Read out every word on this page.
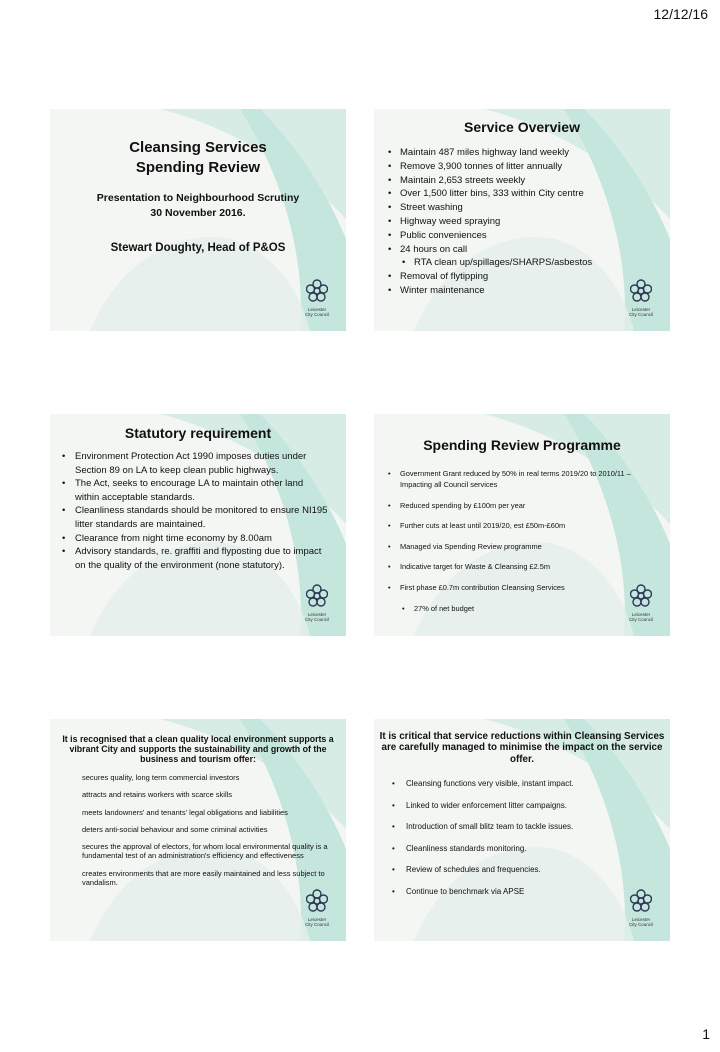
12/12/16
Cleansing Services
Spending Review
Presentation to Neighbourhood Scrutiny
30 November 2016.
Stewart Doughty, Head of P&OS
Leicester
City Council
Service Overview
• Maintain 487 miles highway land weekly
• Remove 3,900 tonnes of litter annually
• Maintain 2,653 streets weekly
• Over 1,500 litter bins, 333 within City centre
• Street washing
• Highway weed spraying
• Public conveniences
• 24 hours on call
• RTA clean up/spillages/SHARPS/asbestos
• Removal of flytipping
• Winter maintenance
Leicester
City Council
Statutory requirement
• Environment Protection Act 1990 imposes duties under Section 89 on LA to keep clean public highways.
• The Act, seeks to encourage LA to maintain other land within acceptable standards.
• Cleanliness standards should be monitored to ensure NI195 litter standards are maintained.
• Clearance from night time economy by 8.00am
• Advisory standards, re. graffiti and flyposting due to impact on the quality of the environment (none statutory).
Leicester
City Council
Spending Review Programme
• Government Grant reduced by 50% in real terms 2019/20 to 2010/11 – Impacting all Council services
• Reduced spending by £100m per year
• Further cuts at least until 2019/20, est £50m-£60m
• Managed via Spending Review programme
• Indicative target for Waste & Cleansing £2.5m
• First phase £0.7m contribution Cleansing Services
• 27% of net budget
Leicester
City Council
It is recognised that a clean quality local environment supports a vibrant City and supports the sustainability and growth of the business and tourism offer:
secures quality, long term commercial investors
attracts and retains workers with scarce skills
meets landowners' and tenants' legal obligations and liabilities
deters anti-social behaviour and some criminal activities
secures the approval of electors, for whom local environmental quality is a fundamental test of an administration's efficiency and effectiveness
creates environments that are more easily maintained and less subject to vandalism.
Leicester
City Council
It is critical that service reductions within Cleansing Services are carefully managed to minimise the impact on the service offer.
• Cleansing functions very visible, instant impact.
• Linked to wider enforcement litter campaigns.
• Introduction of small blitz team to tackle issues.
• Cleanliness standards monitoring.
• Review of schedules and frequencies.
• Continue to benchmark via APSE
Leicester
City Council
1
